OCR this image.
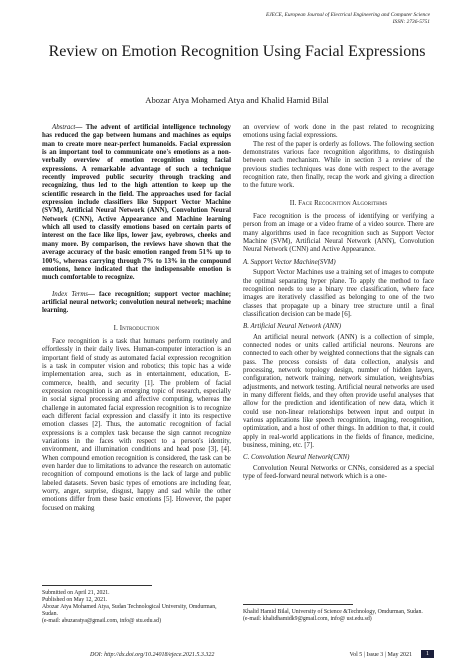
EJECE, European Journal of Electrical Engineering and Computer Science
ISSN: 2736-5751
Review on Emotion Recognition Using Facial Expressions
Abozar Atya Mohamed Atya and Khalid Hamid Bilal

Abstract— The advent of artificial intelligence technology has reduced the gap between humans and machines as equips man to create more near-perfect humanoids. Facial expression is an important tool to communicate one's emotions as a non-verbally overview of emotion recognition using facial expressions. A remarkable advantage of such a technique recently improved public security through tracking and recognizing, thus led to the high attention to keep up the scientific research in the field. The approaches used for facial expression include classifiers like Support Vector Machine (SVM), Artificial Neural Network (ANN), Convolution Neural Network (CNN), Active Appearance and Machine learning which all used to classify emotions based on certain parts of interest on the face like lips, lower jaw, eyebrows, cheeks and many more. By comparison, the reviews have shown that the average accuracy of the basic emotion ranged from 51% up to 100%, whereas carrying through 7% to 13% in the compound emotions, hence indicated that the indispensable emotion is much comfortable to recognize.

Index Terms— face recognition; support vector machine; artificial neural network; convolution neural network; machine learning.

I. Introduction

Face recognition is a task that humans perform routinely and effortlessly in their daily lives. Human-computer interaction is an important field of study as automated facial expression recognition is a task in computer vision and robotics; this topic has a wide implementation area, such as in entertainment, education, E-commerce, health, and security [1]. The problem of facial expression recognition is an emerging topic of research, especially in social signal processing and affective computing, whereas the challenge in automated facial expression recognition is to recognize each different facial expression and classify it into its respective emotion classes [2]. Thus, the automatic recognition of facial expressions is a complex task because the sign cannot recognize variations in the faces with respect to a person's identity, environment, and illumination conditions and head pose [3], [4]. When compound emotion recognition is considered, the task can be even harder due to limitations to advance the research on automatic recognition of compound emotions is the lack of large and public labeled datasets. Seven basic types of emotions are including fear, worry, anger, surprise, disgust, happy and sad while the other emotions differ from these basic emotions [5]. However, the paper focused on making

an overview of work done in the past related to recognizing emotions using facial expressions.

The rest of the paper is orderly as follows. The following section demonstrates various face recognition algorithms, to distinguish between each mechanism. While in section 3 a review of the previous studies techniques was done with respect to the average recognition rate, then finally, recap the work and giving a direction to the future work.

II. Face Recognition Algorithms

Face recognition is the process of identifying or verifying a person from an image or a video frame of a video source. There are many algorithms used in face recognition such as Support Vector Machine (SVM), Artificial Neural Network (ANN), Convolution Neural Network (CNN) and Active Appearance.

A. Support Vector Machine(SVM)

Support Vector Machines use a training set of images to compute the optimal separating hyper plane. To apply the method to face recognition needs to use a binary tree classification, where face images are iteratively classified as belonging to one of the two classes that propagate up a binary tree structure until a final classification decision can be made [6].

B. Artificial Neural Network (ANN)

An artificial neural network (ANN) is a collection of simple, connected nodes or units called artificial neurons. Neurons are connected to each other by weighted connections that the signals can pass. The process consists of data collection, analysis and processing, network topology design, number of hidden layers, configuration, network training, network simulation, weights/bias adjustments, and network testing. Artificial neural networks are used in many different fields, and they often provide useful analyses that allow for the prediction and identification of new data, which it could use non-linear relationships between input and output in various applications like speech recognition, imaging, recognition, optimization, and a host of other things. In addition to that, it could apply in real-world applications in the fields of finance, medicine, business, mining, etc. [7].

C. Convolution Neural Network(CNN)

Convolution Neural Networks or CNNs, considered as a special type of feed-forward neural network which is a one-

Submitted on April 21, 2021.
Published on May 12, 2021.
Abozar Atya Mohamed Atya, Sudan Technological University, Omdurman, Sudan.
(e-mail: abuzaratya@gmail.com, info@ stu.edu.sd)
Khalid Hamid Bilal, University of Science &Technology, Omdurman, Sudan.
(e-mail: khalidhamidk9@gmail.com, info@ ust.edu.sd)
DOI: http://dx.doi.org/10.24018/ejece.2021.5.3.322	Vol 5 | Issue 3 | May 2021	1
